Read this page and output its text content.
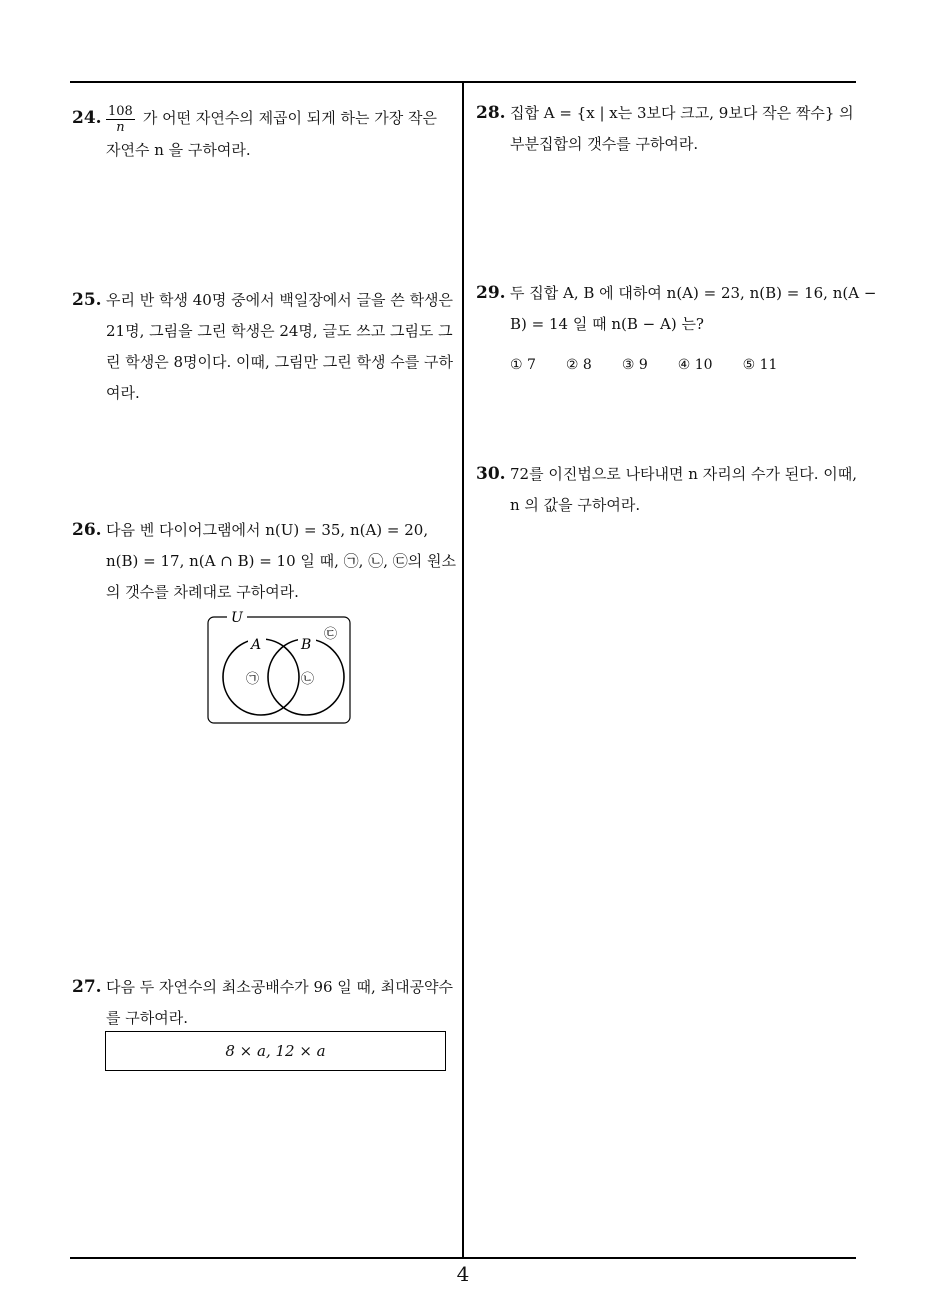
24. $\frac{108}{n}$ 가 어떤 자연수의 제곱이 되게 하는 가장 작은
자연수 n 을 구하여라.
25. 우리 반 학생 40명 중에서 백일장에서 글을 쓴 학생은
21명, 그림을 그린 학생은 24명, 글도 쓰고 그림도 그
린 학생은 8명이다. 이때, 그림만 그린 학생 수를 구하
여라.
26. 다음 벤 다이어그램에서 n(U) = 35, n(A) = 20,
n(B) = 17, n(A ∩ B) = 10 일 때, ㉠, ㉡, ㉢의 원소
의 갯수를 차례대로 구하여라.
U
A	B
㉠	㉡
㉢
27. 다음 두 자연수의 최소공배수가 96 일 때, 최대공약수
를 구하여라.
8 × a, 12 × a
28. 집합 A = {x | x는 3보다 크고, 9보다 작은 짝수} 의
부분집합의 갯수를 구하여라.
29. 두 집합 A, B 에 대하여 n(A) = 23, n(B) = 16, n(A −
B) = 14 일 때 n(B − A) 는?
① 7 ② 8 ③ 9 ④ 10 ⑤ 11
30. 72를 이진법으로 나타내면 n 자리의 수가 된다. 이때,
n 의 값을 구하여라.
4
